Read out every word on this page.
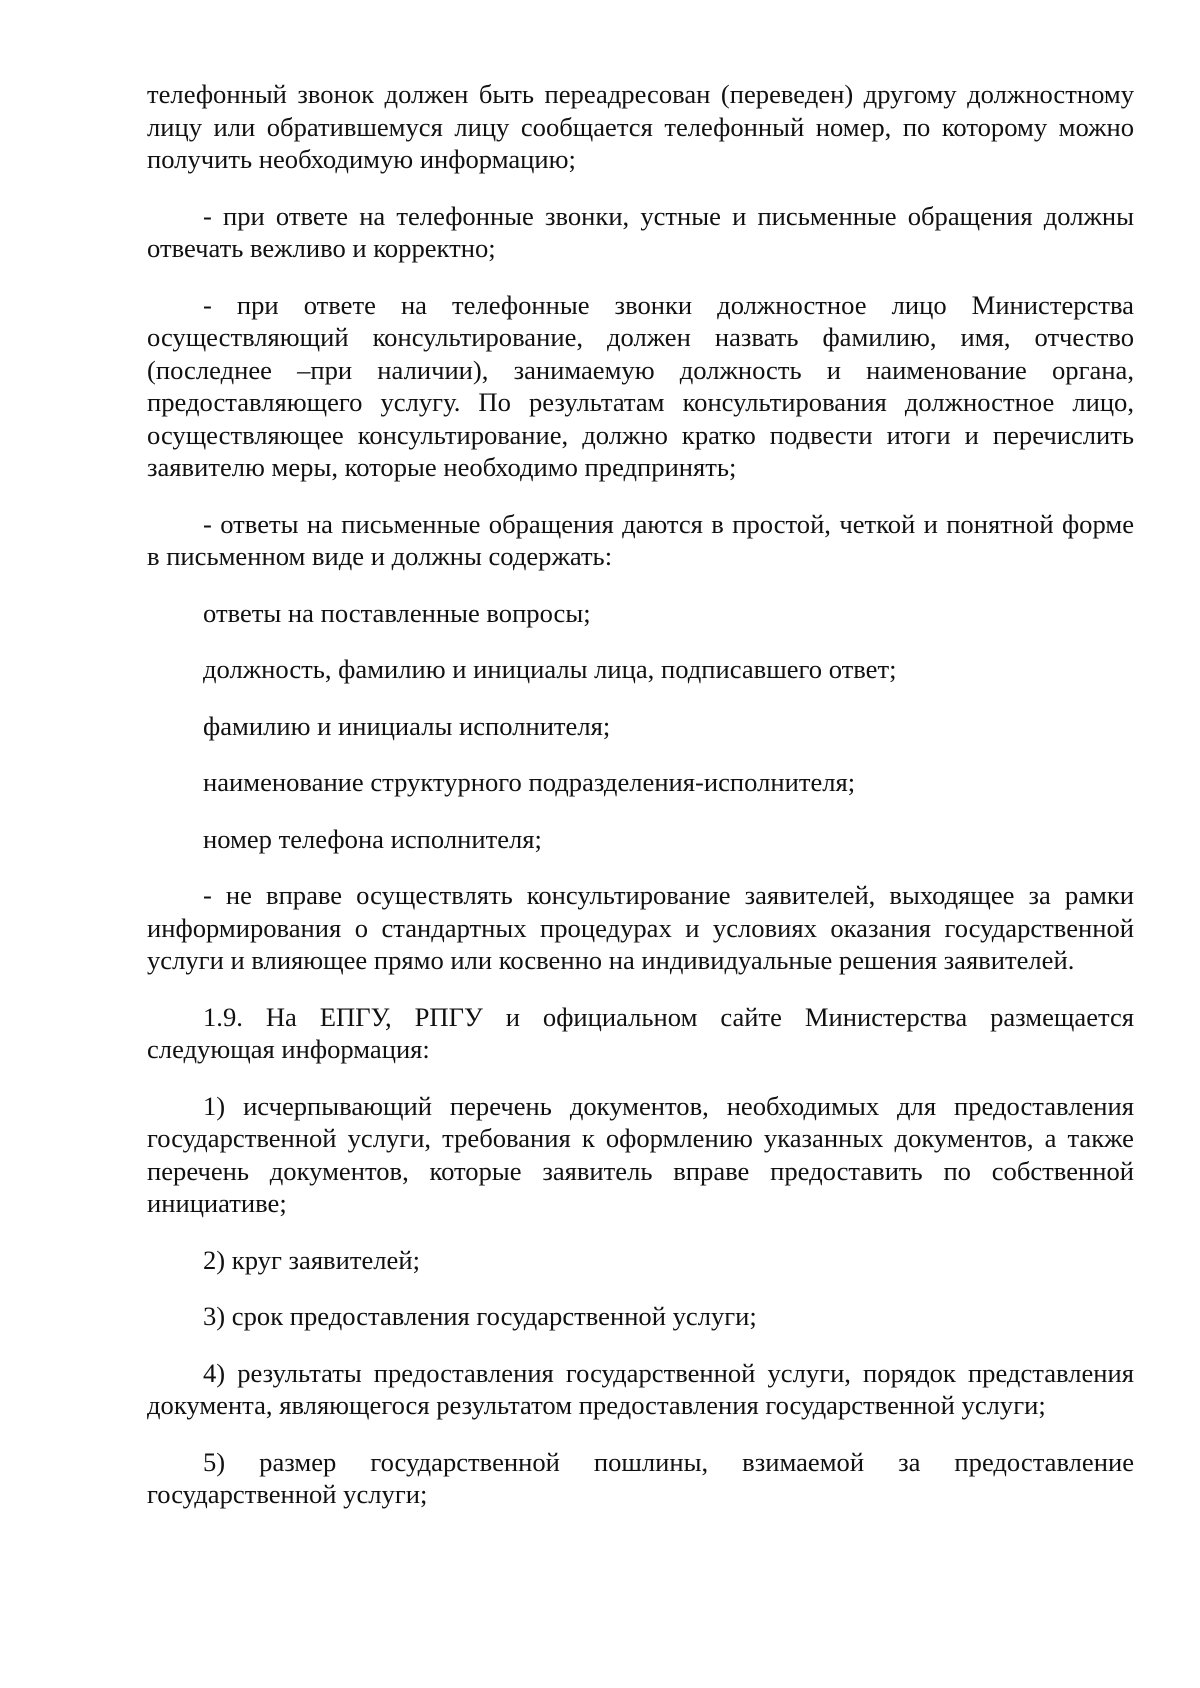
телефонный звонок должен быть переадресован (переведен) другому должностному лицу или обратившемуся лицу сообщается телефонный номер, по которому можно получить необходимую информацию;

- при ответе на телефонные звонки, устные и письменные обращения должны отвечать вежливо и корректно;

- при ответе на телефонные звонки должностное лицо Министерства осуществляющий консультирование, должен назвать фамилию, имя, отчество (последнее –при наличии), занимаемую должность и наименование органа, предоставляющего услугу. По результатам консультирования должностное лицо, осуществляющее консультирование, должно кратко подвести итоги и перечислить заявителю меры, которые необходимо предпринять;

- ответы на письменные обращения даются в простой, четкой и понятной форме в письменном виде и должны содержать:

ответы на поставленные вопросы;

должность, фамилию и инициалы лица, подписавшего ответ;

фамилию и инициалы исполнителя;

наименование структурного подразделения-исполнителя;

номер телефона исполнителя;

- не вправе осуществлять консультирование заявителей, выходящее за рамки информирования о стандартных процедурах и условиях оказания государственной услуги и влияющее прямо или косвенно на индивидуальные решения заявителей.

1.9. На ЕПГУ, РПГУ и официальном сайте Министерства размещается следующая информация:

1) исчерпывающий перечень документов, необходимых для предоставления государственной услуги, требования к оформлению указанных документов, а также перечень документов, которые заявитель вправе предоставить по собственной инициативе;

2) круг заявителей;

3) срок предоставления государственной услуги;

4) результаты предоставления государственной услуги, порядок представления документа, являющегося результатом предоставления государственной услуги;

5) размер государственной пошлины, взимаемой за предоставление государственной услуги;
